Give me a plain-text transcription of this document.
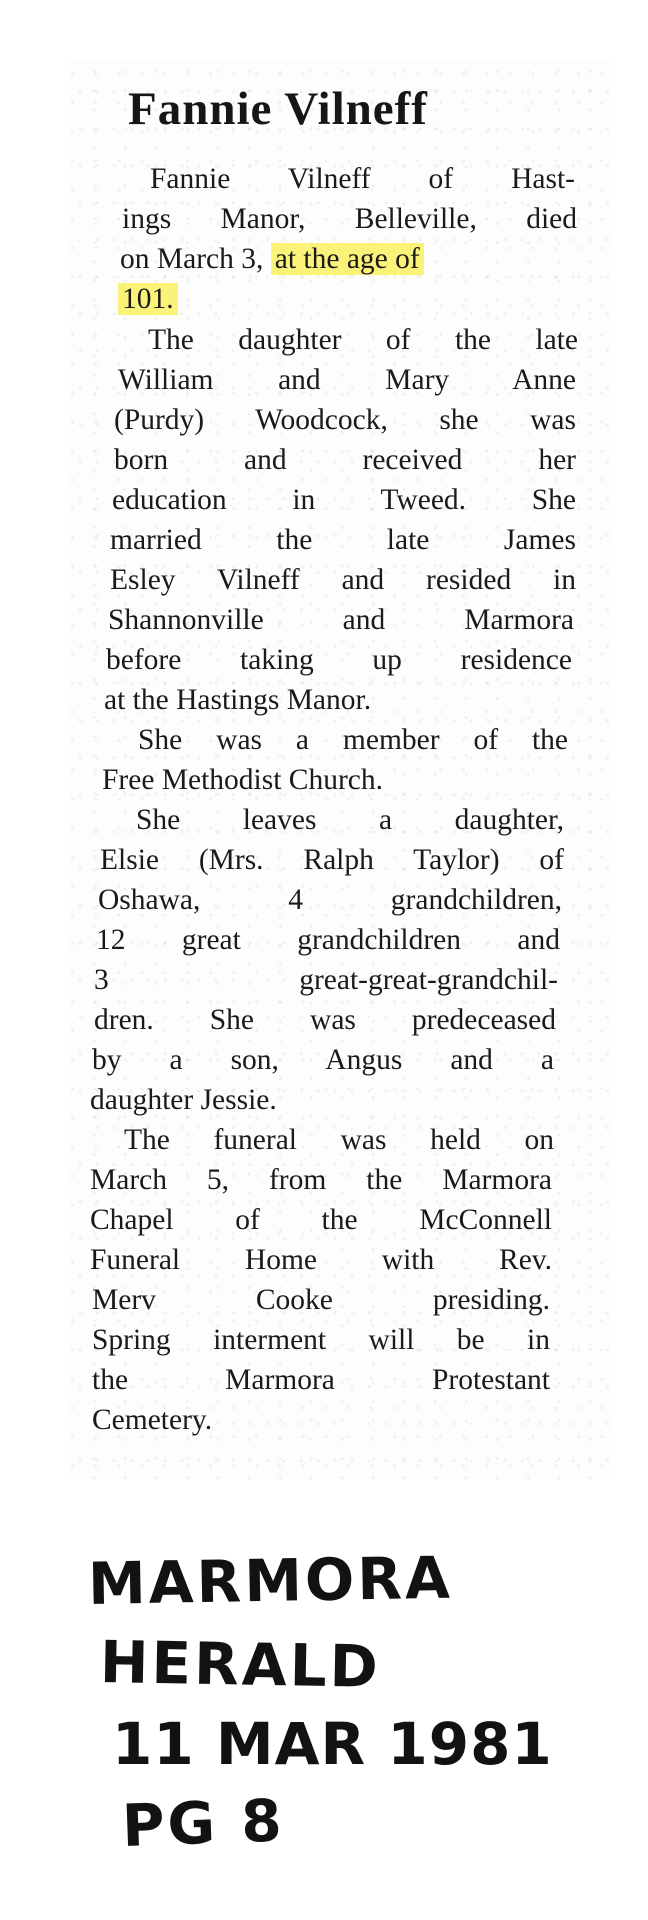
Fannie Vilneff
Fannie Vilneff of Hast-
ings Manor, Belleville, died
on March 3, at the age of
101.
The daughter of the late
William and Mary Anne
(Purdy) Woodcock, she was
born and received her
education in Tweed. She
married the late James
Esley Vilneff and resided in
Shannonville and Marmora
before taking up residence
at the Hastings Manor.
She was a member of the
Free Methodist Church.
She leaves a daughter,
Elsie (Mrs. Ralph Taylor) of
Oshawa, 4 grandchildren,
12 great grandchildren and
3 great-great-grandchil-
dren. She was predeceased
by a son, Angus and a
daughter Jessie.
The funeral was held on
March 5, from the Marmora
Chapel of the McConnell
Funeral Home with Rev.
Merv Cooke presiding.
Spring interment will be in
the Marmora Protestant
Cemetery.
MARMORA
HERALD
11 MAR 1981
PG 8
